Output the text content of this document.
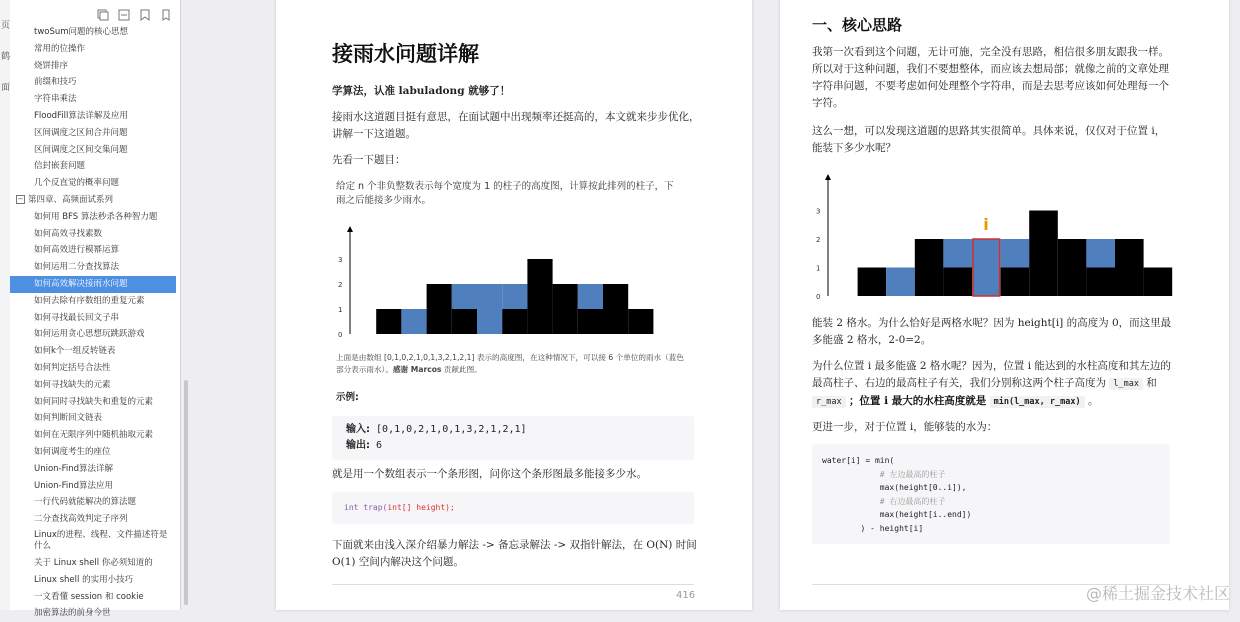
页
鹤
面
twoSum问题的核心思想
常用的位操作
烧饼排序
前缀和技巧
字符串乘法
FloodFill算法详解及应用
区间调度之区间合并问题
区间调度之区间交集问题
信封嵌套问题
几个反直觉的概率问题
− 第四章、高频面试系列
如何用 BFS 算法秒杀各种智力题
如何高效寻找素数
如何高效进行模幂运算
如何运用二分查找算法
如何高效解决接雨水问题
如何去除有序数组的重复元素
如何寻找最长回文子串
如何运用贪心思想玩跳跃游戏
如何k个一组反转链表
如何判定括号合法性
如何寻找缺失的元素
如何同时寻找缺失和重复的元素
如何判断回文链表
如何在无限序列中随机抽取元素
如何调度考生的座位
Union-Find算法详解
Union-Find算法应用
一行代码就能解决的算法题
二分查找高效判定子序列
Linux的进程、线程、文件描述符是什么
关于 Linux shell 你必须知道的
Linux shell 的实用小技巧
一文看懂 session 和 cookie
加密算法的前身今世
接雨水问题详解
学算法，认准 labuladong 就够了！
接雨水这道题目挺有意思，在面试题中出现频率还挺高的，本文就来步步优化，讲解一下这道题。
先看一下题目：
给定 n 个非负整数表示每个宽度为 1 的柱子的高度图，计算按此排列的柱子，下
雨之后能接多少雨水。
0
1
2
3
上面是由数组 [0,1,0,2,1,0,1,3,2,1,2,1] 表示的高度图，在这种情况下，可以接 6 个单位的雨水（蓝色
部分表示雨水）。感谢 Marcos 贡献此图。
示例:
输入: [0,1,0,2,1,0,1,3,2,1,2,1]
输出: 6
就是用一个数组表示一个条形图，问你这个条形图最多能接多少水。
int trap(int[] height);
下面就来由浅入深介绍暴力解法 -> 备忘录解法 -> 双指针解法，在 O(N) 时间 O(1) 空间内解决这个问题。
416
一、核心思路
我第一次看到这个问题，无计可施，完全没有思路，相信很多朋友跟我一样。所以对于这种问题，我们不要想整体，而应该去想局部；就像之前的文章处理字符串问题，不要考虑如何处理整个字符串，而是去思考应该如何处理每一个字符。
这么一想，可以发现这道题的思路其实很简单。具体来说，仅仅对于位置 i，能装下多少水呢？
0
1
2
3
i
能装 2 格水。为什么恰好是两格水呢？因为 height[i] 的高度为 0，而这里最多能盛 2 格水，2-0=2。
为什么位置 i 最多能盛 2 格水呢？因为，位置 i 能达到的水柱高度和其左边的最高柱子、右边的最高柱子有关，我们分别称这两个柱子高度为 l_max 和 r_max ；位置 i 最大的水柱高度就是 min(l_max, r_max) 。
更进一步，对于位置 i，能够装的水为：
water[i] = min(
# 左边最高的柱子
max(height[0..i]),
# 右边最高的柱子
max(height[i..end])
) - height[i]
@稀土掘金技术社区
